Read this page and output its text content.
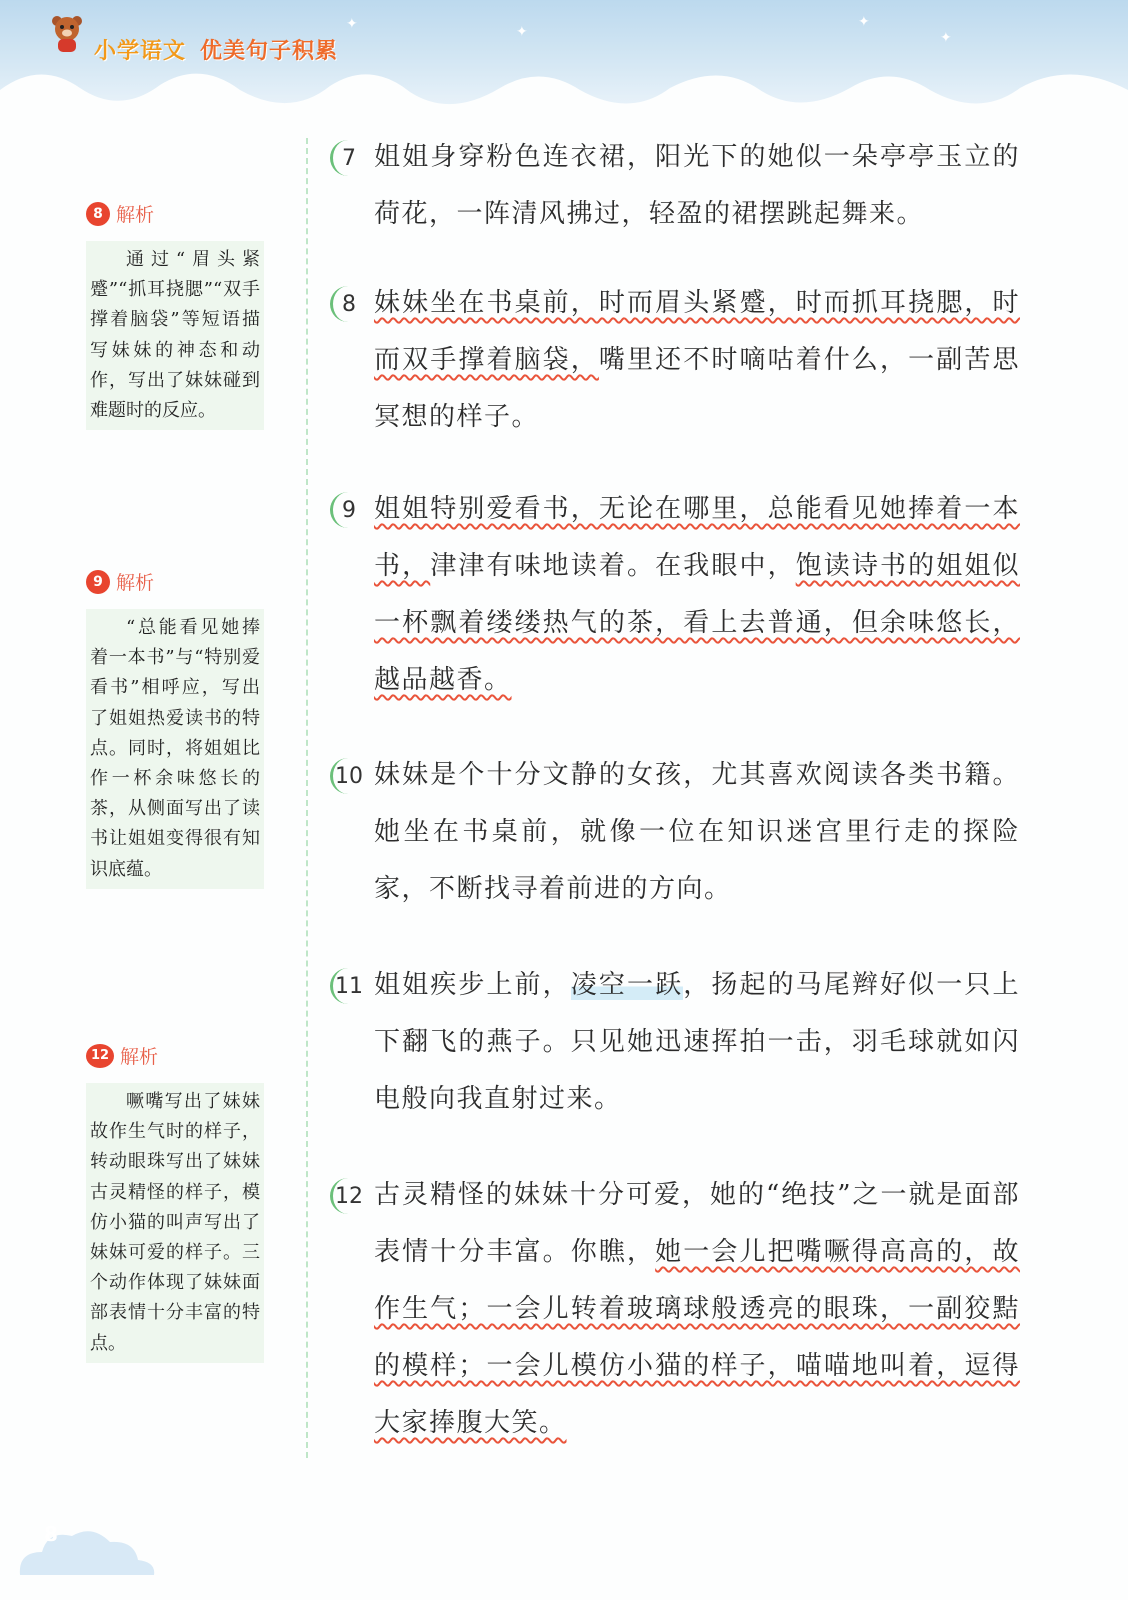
小学语文 优美句子积累
✦	✦
✦
✦
8 解析
通过“眉头紧蹙”“抓耳挠腮”“双手撑着脑袋”等短语描写妹妹的神态和动作，写出了妹妹碰到难题时的反应。
9 解析
“总能看见她捧着一本书”与“特别爱看书”相呼应，写出了姐姐热爱读书的特点。同时，将姐姐比作一杯余味悠长的茶，从侧面写出了读书让姐姐变得很有知识底蕴。
12 解析
噘嘴写出了妹妹故作生气时的样子，转动眼珠写出了妹妹古灵精怪的样子，模仿小猫的叫声写出了妹妹可爱的样子。三个动作体现了妹妹面部表情十分丰富的特点。
7 姐姐身穿粉色连衣裙，阳光下的她似一朵亭亭玉立的荷花，一阵清风拂过，轻盈的裙摆跳起舞来。
8 妹妹坐在书桌前，时而眉头紧蹙，时而抓耳挠腮，时而双手撑着脑袋，嘴里还不时嘀咕着什么，一副苦思冥想的样子。
9 姐姐特别爱看书，无论在哪里，总能看见她捧着一本书，津津有味地读着。在我眼中，饱读诗书的姐姐似一杯飘着缕缕热气的茶，看上去普通，但余味悠长，越品越香。
10 妹妹是个十分文静的女孩，尤其喜欢阅读各类书籍。她坐在书桌前，就像一位在知识迷宫里行走的探险家，不断找寻着前进的方向。
11 姐姐疾步上前，凌空一跃，扬起的马尾辫好似一只上下翻飞的燕子。只见她迅速挥拍一击，羽毛球就如闪电般向我直射过来。
12 古灵精怪的妹妹十分可爱，她的“绝技”之一就是面部表情十分丰富。你瞧，她一会儿把嘴噘得高高的，故作生气；一会儿转着玻璃球般透亮的眼珠，一副狡黠的模样；一会儿模仿小猫的样子，喵喵地叫着，逗得大家捧腹大笑。
8
